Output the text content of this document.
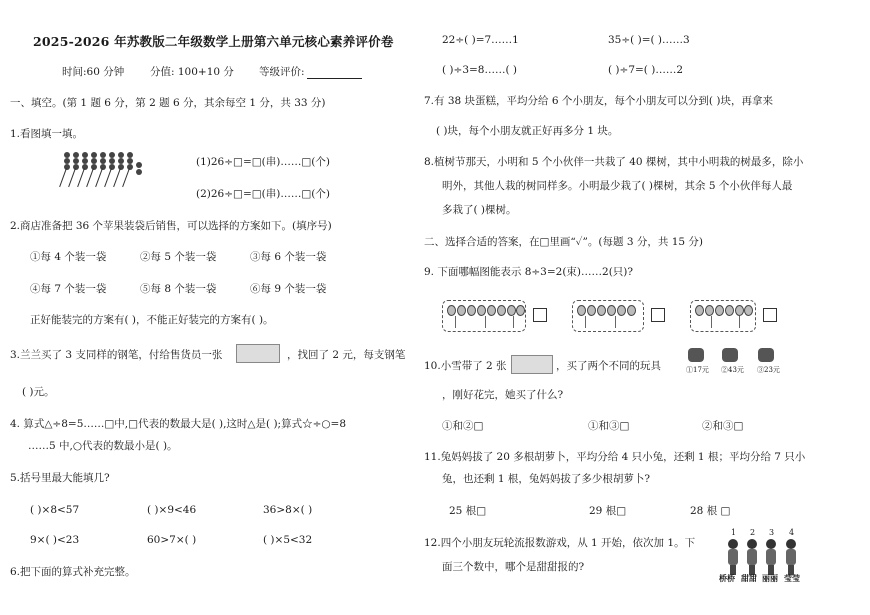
2025-2026 年苏教版二年级数学上册第六单元核心素养评价卷
时间:60 分钟 分值: 100+10 分 等级评价:
一、填空。(第 1 题 6 分，第 2 题 6 分，其余每空 1 分，共 33 分)
1.看图填一填。
(1)26÷□=□(串)……□(个)
(2)26÷□=□(串)……□(个)
2.商店准备把 36 个苹果装袋后销售，可以选择的方案如下。(填序号)
①每 4 个装一袋	②每 5 个装一袋	③每 6 个装一袋
④每 7 个装一袋	⑤每 8 个装一袋	⑥每 9 个装一袋
正好能装完的方案有( )，不能正好装完的方案有( )。
3.兰兰买了 3 支同样的钢笔，付给售货员一张	，找回了 2 元，每支钢笔
( )元。
4. 算式△÷8=5……□中,□代表的数最大是( ),这时△是( );算式☆÷○=8
……5 中,○代表的数最小是( )。
5.括号里最大能填几?
( )×8<57	( )×9<46	36>8×( )
9×( )<23	60>7×( )	( )×5<32
6.把下面的算式补充完整。
22÷( )=7……1	35÷( )=( )……3
( )÷3=8……( )	( )÷7=( )……2
7.有 38 块蛋糕，平均分给 6 个小朋友，每个小朋友可以分到( )块，再拿来
( )块，每个小朋友就正好再多分 1 块。
8.植树节那天，小明和 5 个小伙伴一共栽了 40 棵树，其中小明栽的树最多，除小
明外，其他人栽的树同样多。小明最少栽了( )棵树，其余 5 个小伙伴每人最
多栽了( )棵树。
二、选择合适的答案，在□里画“✓”。(每题 3 分，共 15 分)
9. 下面哪幅图能表示 8÷3=2(束)……2(只)?
10.小雪带了 2 张	，买了两个不同的玩具
，刚好花完，她买了什么?
①17元 ②43元 ③23元
①和②□	①和③□	②和③□
11.兔妈妈拔了 20 多根胡萝卜，平均分给 4 只小兔，还剩 1 根；平均分给 7 只小
兔，也还剩 1 根，兔妈妈拔了多少根胡萝卜?
25 根□	29 根□	28 根 □
12.四个小朋友玩轮流报数游戏，从 1 开始，依次加 1。下
面三个数中，哪个是甜甜报的?
1 2 3 4
桥桥 甜甜 丽丽 莹莹
